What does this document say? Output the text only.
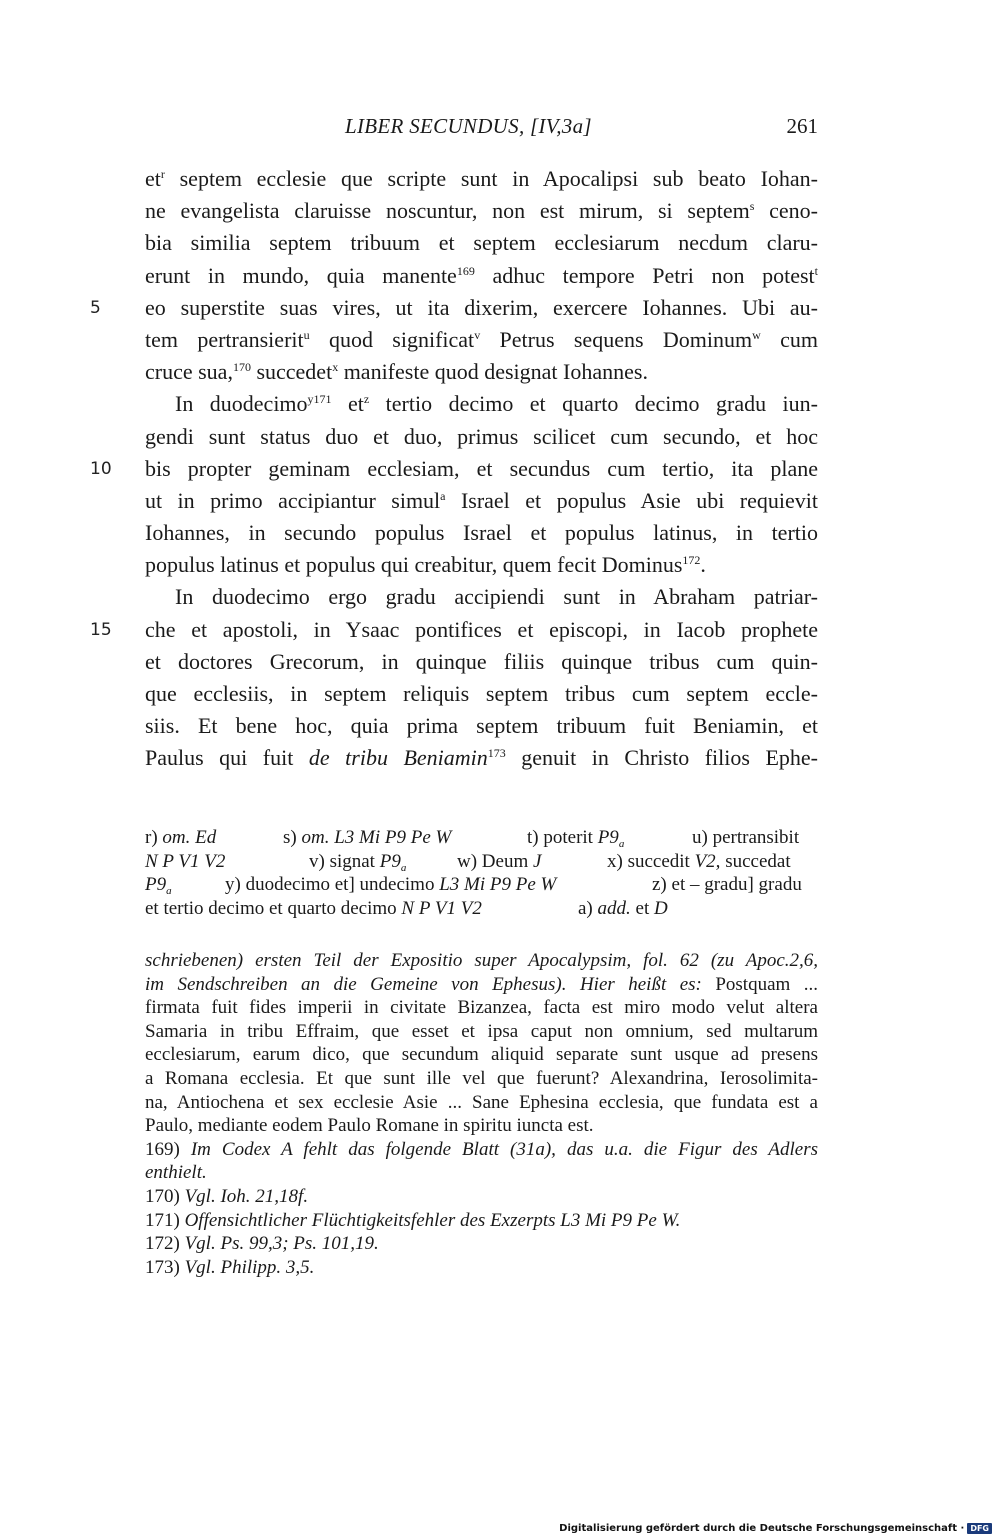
LIBER SECUNDUS, [IV,3a]	261
$et^r$ septem ecclesie que scripte sunt in Apocalipsi sub beato Iohan-
ne evangelista claruisse noscuntur, non est mirum, si septem$^s$ ceno-
bia similia septem tribuum et septem ecclesiarum necdum claru-
erunt in mundo, quia manente$^{169}$ adhuc tempore Petri non potest$^t$
5 eo superstite suas vires, ut ita dixerim, exercere Iohannes. Ubi au-
tem pertransierit$^u$ quod significat$^v$ Petrus sequens Dominum$^w$ cum
cruce sua,$^{170}$ succedet$^x$ manifeste quod designat Iohannes.
In duodecimo$^{y171}$ $et^z$ tertio decimo et quarto decimo gradu iun-
gendi sunt status duo et duo, primus scilicet cum secundo, et hoc
10 bis propter geminam ecclesiam, et secundus cum tertio, ita plane
ut in primo accipiantur simul$^a$ Israel et populus Asie ubi requievit
Iohannes, in secundo populus Israel et populus latinus, in tertio
populus latinus et populus qui creabitur, quem fecit Dominus$^{172}$.
In duodecimo ergo gradu accipiendi sunt in Abraham patriar-
15 che et apostoli, in Ysaac pontifices et episcopi, in Iacob prophete
et doctores Grecorum, in quinque filiis quinque tribus cum quin-
que ecclesiis, in septem reliquis septem tribus cum septem eccle-
siis. Et bene hoc, quia prima septem tribuum fuit Beniamin, et
Paulus qui fuit de tribu Beniamin$^{173}$ genuit in Christo filios Ephe-
r) om. Ed	s) om. L3 Mi P9 Pe W	t) poterit $P9_a$	u) pertransibit
N P V1 V2	v) signat $P9_a$	w) Deum J	x) succedit V2, succedat
$P9_a$	y) duodecimo et] undecimo L3 Mi P9 Pe W	z) et – gradu] gradu
et tertio decimo et quarto decimo N P V1 V2	a) add. et D
schriebenen) ersten Teil der Expositio super Apocalypsim, fol. 62 (zu Apoc.2,6,
im Sendschreiben an die Gemeine von Ephesus). Hier heißt es: Postquam ...
firmata fuit fides imperii in civitate Bizanzea, facta est miro modo velut altera
Samaria in tribu Effraim, que esset et ipsa caput non omnium, sed multarum
ecclesiarum, earum dico, que secundum aliquid separate sunt usque ad presens
a Romana ecclesia. Et que sunt ille vel que fuerunt? Alexandrina, Ierosolimita-
na, Antiochena et sex ecclesie Asie ... Sane Ephesina ecclesia, que fundata est a
Paulo, mediante eodem Paulo Romane in spiritu iuncta est.
169) Im Codex A fehlt das folgende Blatt (31a), das u.a. die Figur des Adlers
enthielt.
170) Vgl. Ioh. 21,18f.
171) Offensichtlicher Flüchtigkeitsfehler des Exzerpts L3 Mi P9 Pe W.
172) Vgl. Ps. 99,3; Ps. 101,19.
173) Vgl. Philipp. 3,5.
Digitalisierung gefördert durch die Deutsche Forschungsgemeinschaft · DFG
